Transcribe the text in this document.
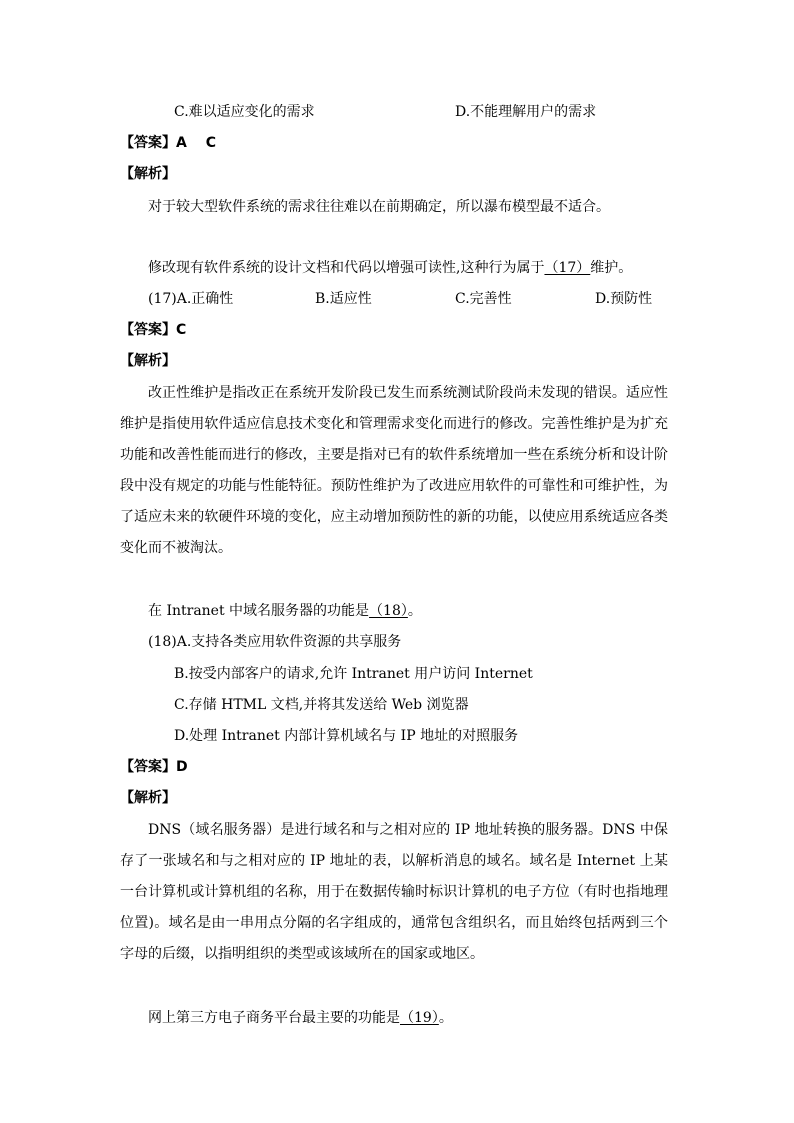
C.难以适应变化的需求	D.不能理解用户的需求
【答案】A　 C
【解析】
对于较大型软件系统的需求往往难以在前期确定，所以瀑布模型最不适合。
修改现有软件系统的设计文档和代码以增强可读性,这种行为属于（17）维护。
(17)A.正确性	B.适应性	C.完善性	D.预防性
【答案】C
【解析】
改正性维护是指改正在系统开发阶段已发生而系统测试阶段尚未发现的错误。适应性维护是指使用软件适应信息技术变化和管理需求变化而进行的修改。完善性维护是为扩充功能和改善性能而进行的修改，主要是指对已有的软件系统增加一些在系统分析和设计阶段中没有规定的功能与性能特征。预防性维护为了改进应用软件的可靠性和可维护性，为了适应未来的软硬件环境的变化，应主动增加预防性的新的功能，以使应用系统适应各类变化而不被淘汰。
在 Intranet 中域名服务器的功能是（18）。
(18)A.支持各类应用软件资源的共享服务
B.按受内部客户的请求,允许 Intranet 用户访问 Internet
C.存储 HTML 文档,并将其发送给 Web 浏览器
D.处理 Intranet 内部计算机域名与 IP 地址的对照服务
【答案】D
【解析】
DNS（域名服务器）是进行域名和与之相对应的 IP 地址转换的服务器。DNS 中保存了一张域名和与之相对应的 IP 地址的表，以解析消息的域名。域名是 Internet 上某一台计算机或计算机组的名称，用于在数据传输时标识计算机的电子方位（有时也指地理位置)。域名是由一串用点分隔的名字组成的，通常包含组织名，而且始终包括两到三个字母的后缀，以指明组织的类型或该域所在的国家或地区。
网上第三方电子商务平台最主要的功能是（19）。
